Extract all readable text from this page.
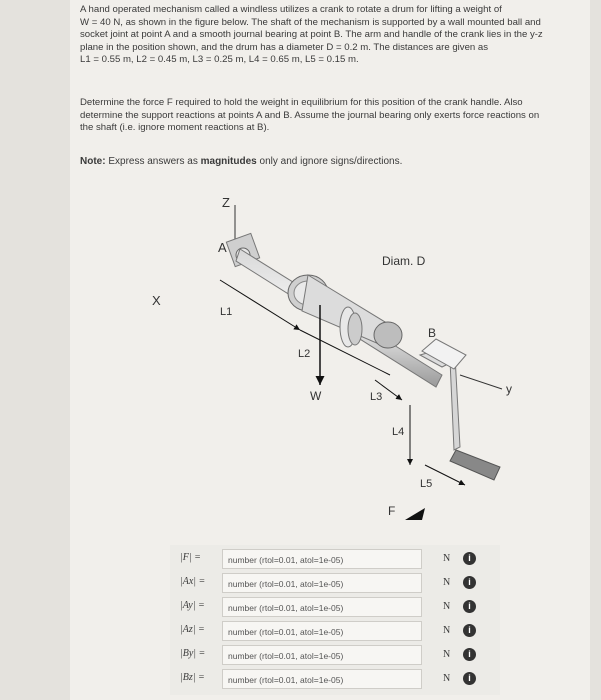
A hand operated mechanism called a windless utilizes a crank to rotate a drum for lifting a weight of
W = 40 N, as shown in the figure below. The shaft of the mechanism is supported by a wall mounted ball and
socket joint at point A and a smooth journal bearing at point B. The arm and handle of the crank lies in the y-z
plane in the position shown, and the drum has a diameter D = 0.2 m. The distances are given as
L1 = 0.55 m, L2 = 0.45 m, L3 = 0.25 m, L4 = 0.65 m, L5 = 0.15 m.
Determine the force F required to hold the weight in equilibrium for this position of the crank handle. Also
determine the support reactions at points A and B. Assume the journal bearing only exerts force reactions on
the shaft (i.e. ignore moment reactions at B).
Note: Express answers as magnitudes only and ignore signs/directions.
Z
A
X
W
L1
L2
Diam. D
B
y
L3
L4
L5
F
|F| =	number (rtol=0.01, atol=1e-05)	N	i
|Ax| =	number (rtol=0.01, atol=1e-05)	N	i
|Ay| =	number (rtol=0.01, atol=1e-05)	N	i
|Az| =	number (rtol=0.01, atol=1e-05)	N	i
|By| =	number (rtol=0.01, atol=1e-05)	N	i
|Bz| =	number (rtol=0.01, atol=1e-05)	N	i
